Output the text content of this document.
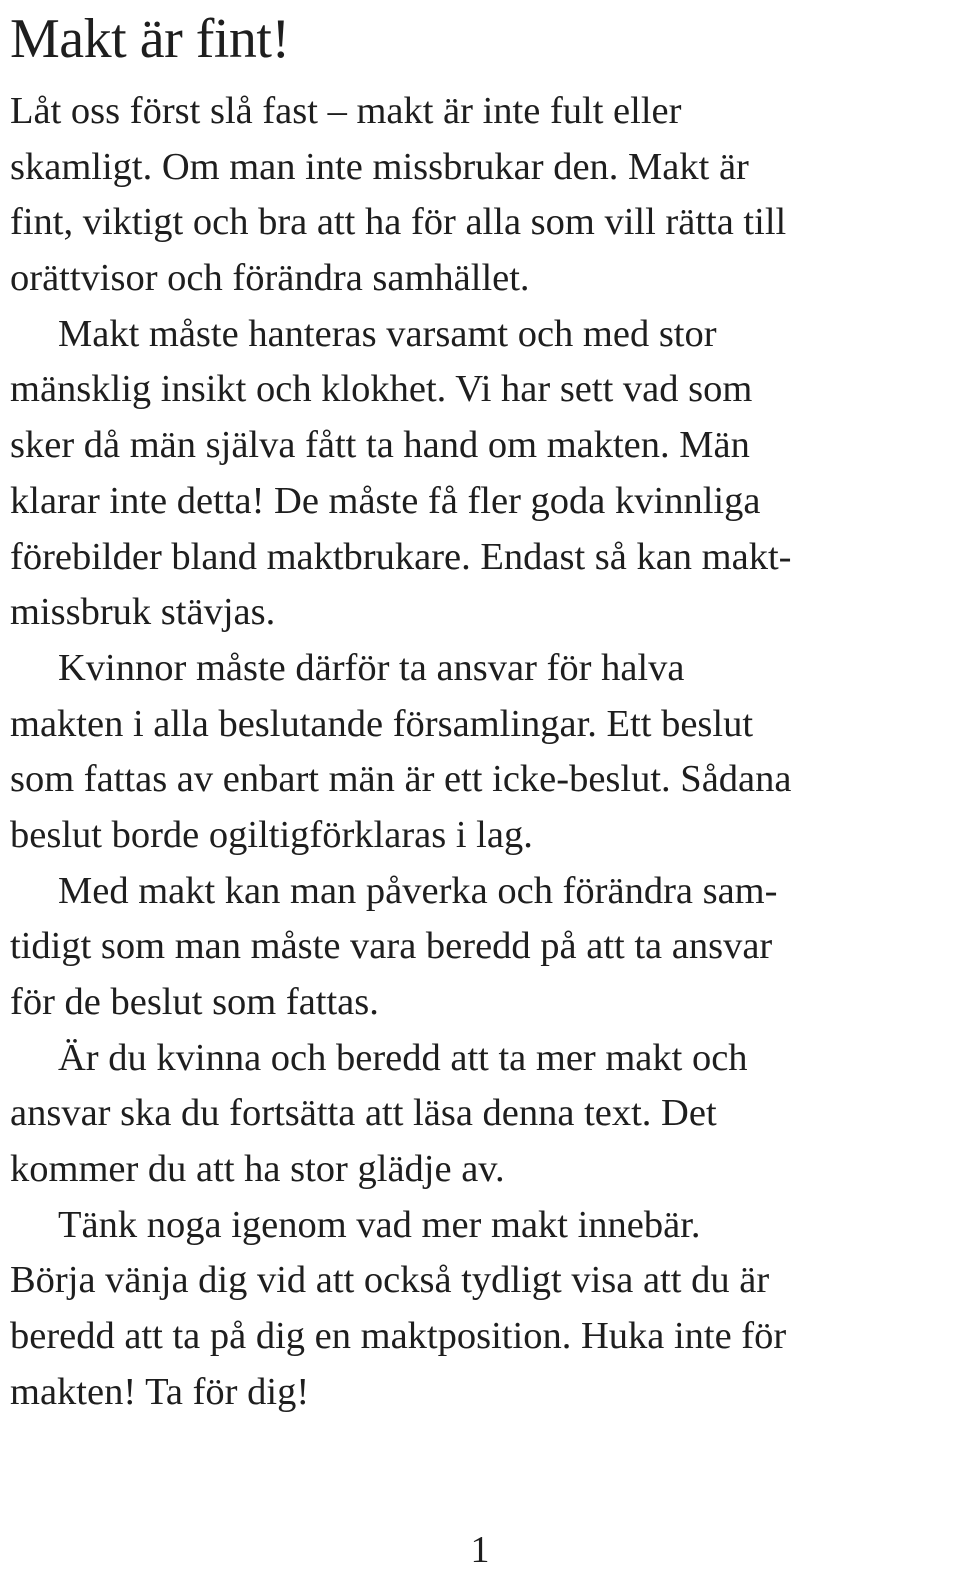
Makt är fint!
Låt oss först slå fast – makt är inte fult eller
skamligt. Om man inte missbrukar den. Makt är
fint, viktigt och bra att ha för alla som vill rätta till
orättvisor och förändra samhället.
Makt måste hanteras varsamt och med stor
mänsklig insikt och klokhet. Vi har sett vad som
sker då män själva fått ta hand om makten. Män
klarar inte detta! De måste få fler goda kvinnliga
förebilder bland maktbrukare. Endast så kan makt-
missbruk stävjas.
Kvinnor måste därför ta ansvar för halva
makten i alla beslutande församlingar. Ett beslut
som fattas av enbart män är ett icke-beslut. Sådana
beslut borde ogiltigförklaras i lag.
Med makt kan man påverka och förändra sam-
tidigt som man måste vara beredd på att ta ansvar
för de beslut som fattas.
Är du kvinna och beredd att ta mer makt och
ansvar ska du fortsätta att läsa denna text. Det
kommer du att ha stor glädje av.
Tänk noga igenom vad mer makt innebär.
Börja vänja dig vid att också tydligt visa att du är
beredd att ta på dig en maktposition. Huka inte för
makten! Ta för dig!
1
